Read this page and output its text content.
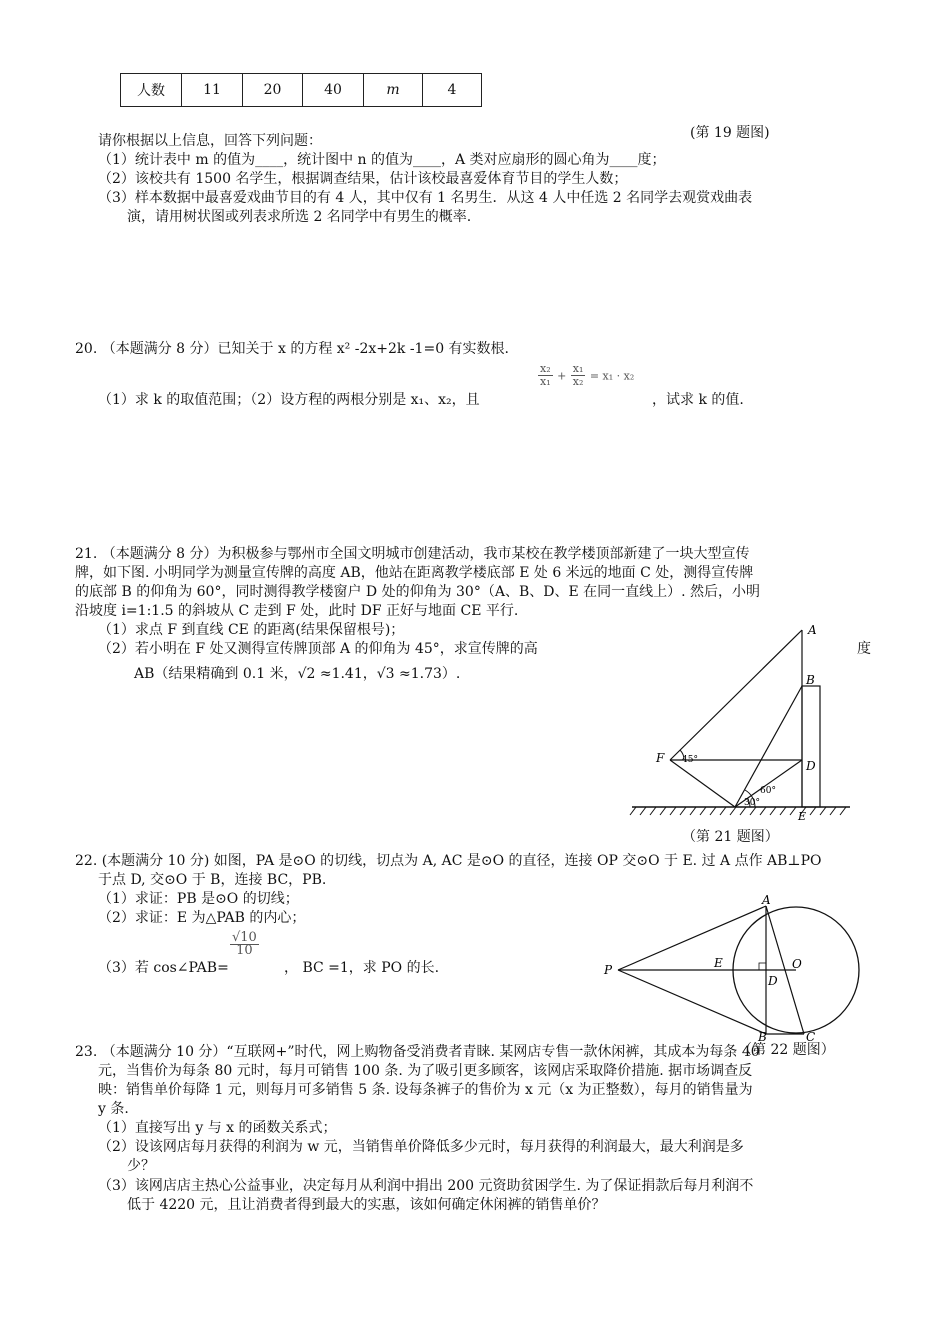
人数	11	20	40	m	4
(第 19 题图)
请你根据以上信息，回答下列问题：
（1）统计表中 m 的值为____，统计图中 n 的值为____，A 类对应扇形的圆心角为____度；
（2）该校共有 1500 名学生，根据调查结果，估计该校最喜爱体育节目的学生人数；
（3）样本数据中最喜爱戏曲节目的有 4 人，其中仅有 1 名男生．从这 4 人中任选 2 名同学去观赏戏曲表
演，请用树状图或列表求所选 2 名同学中有男生的概率.
20. （本题满分 8 分）已知关于 x 的方程 x² -2x+2k -1=0 有实数根.
$\frac{\text{x₂}}{\text{x₁}} + \frac{\text{x₁}}{\text{x₂}} = x_1 \cdot x_2$
（1）求 k 的取值范围；（2）设方程的两根分别是 x₁、x₂，且	，试求 k 的值.
21. （本题满分 8 分）为积极参与鄂州市全国文明城市创建活动，我市某校在教学楼顶部新建了一块大型宣传
牌，如下图. 小明同学为测量宣传牌的高度 AB，他站在距离教学楼底部 E 处 6 米远的地面 C 处，测得宣传牌
的底部 B 的仰角为 60°，同时测得教学楼窗户 D 处的仰角为 30°（A、B、D、E 在同一直线上）. 然后，小明
沿坡度 i=1:1.5 的斜坡从 C 走到 F 处，此时 DF 正好与地面 CE 平行.
（1）求点 F 到直线 CE 的距离(结果保留根号)；
（2）若小明在 F 处又测得宣传牌顶部 A 的仰角为 45°，求宣传牌的高	度
AB（结果精确到 0.1 米，√2 ≈1.41，√3 ≈1.73）.
A
B
D
F
E
45°
60°
30°
（第 21 题图）
22. (本题满分 10 分) 如图，PA 是⊙O 的切线，切点为 A, AC 是⊙O 的直径，连接 OP 交⊙O 于 E. 过 A 点作 AB⊥PO
于点 D, 交⊙O 于 B，连接 BC，PB.
（1）求证：PB 是⊙O 的切线；
（2）求证：E 为△PAB 的内心；
（3）若 cos∠PAB=
$\frac{√10}{10}$
， BC =1，求 PO 的长.
A
P	E	O
D
B	C
（第 22 题图）
23. （本题满分 10 分）“互联网+”时代，网上购物备受消费者青睐. 某网店专售一款休闲裤，其成本为每条 40
元，当售价为每条 80 元时，每月可销售 100 条. 为了吸引更多顾客，该网店采取降价措施. 据市场调查反
映：销售单价每降 1 元，则每月可多销售 5 条. 设每条裤子的售价为 x 元（x 为正整数），每月的销售量为
y 条.
（1）直接写出 y 与 x 的函数关系式；
（2）设该网店每月获得的利润为 w 元，当销售单价降低多少元时，每月获得的利润最大，最大利润是多
少？
（3）该网店店主热心公益事业，决定每月从利润中捐出 200 元资助贫困学生. 为了保证捐款后每月利润不
低于 4220 元，且让消费者得到最大的实惠，该如何确定休闲裤的销售单价？
